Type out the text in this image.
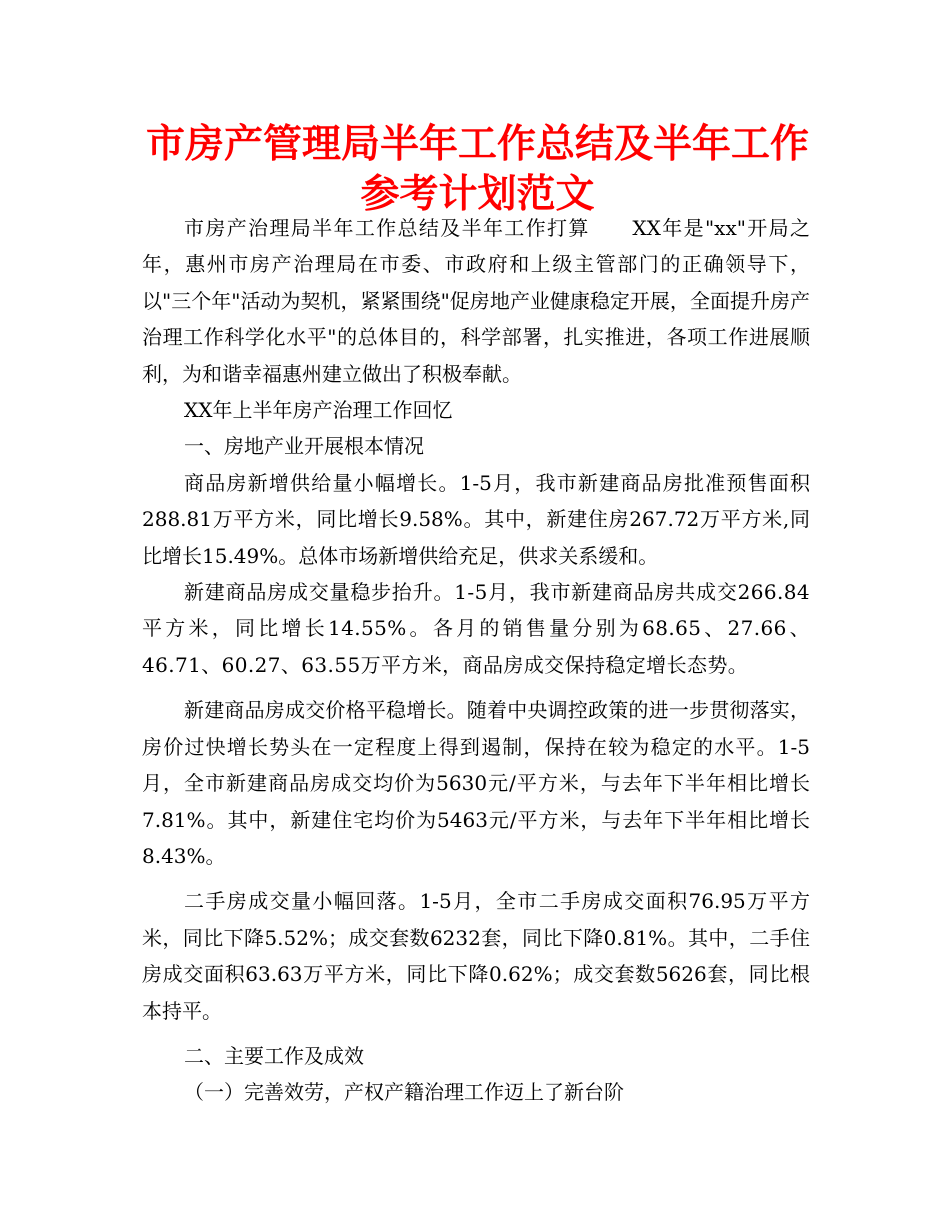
市房产管理局半年工作总结及半年工作参考计划范文

市房产治理局半年工作总结及半年工作打算　　XX年是"xx"开局之年，惠州市房产治理局在市委、市政府和上级主管部门的正确领导下，以"三个年"活动为契机，紧紧围绕"促房地产业健康稳定开展，全面提升房产治理工作科学化水平"的总体目的，科学部署，扎实推进，各项工作进展顺利，为和谐幸福惠州建立做出了积极奉献。

XX年上半年房产治理工作回忆

一、房地产业开展根本情况

商品房新增供给量小幅增长。1-5月，我市新建商品房批准预售面积288.81万平方米，同比增长9.58%。其中，新建住房267.72万平方米,同比增长15.49%。总体市场新增供给充足，供求关系缓和。

新建商品房成交量稳步抬升。1-5月，我市新建商品房共成交266.84平方米，同比增长14.55%。各月的销售量分别为68.65、27.66、46.71、60.27、63.55万平方米，商品房成交保持稳定增长态势。

新建商品房成交价格平稳增长。随着中央调控政策的进一步贯彻落实，房价过快增长势头在一定程度上得到遏制，保持在较为稳定的水平。1-5月，全市新建商品房成交均价为5630元/平方米，与去年下半年相比增长7.81%。其中，新建住宅均价为5463元/平方米，与去年下半年相比增长8.43%。

二手房成交量小幅回落。1-5月，全市二手房成交面积76.95万平方米，同比下降5.52%；成交套数6232套，同比下降0.81%。其中，二手住房成交面积63.63万平方米，同比下降0.62%；成交套数5626套，同比根本持平。

二、主要工作及成效

（一）完善效劳，产权产籍治理工作迈上了新台阶
